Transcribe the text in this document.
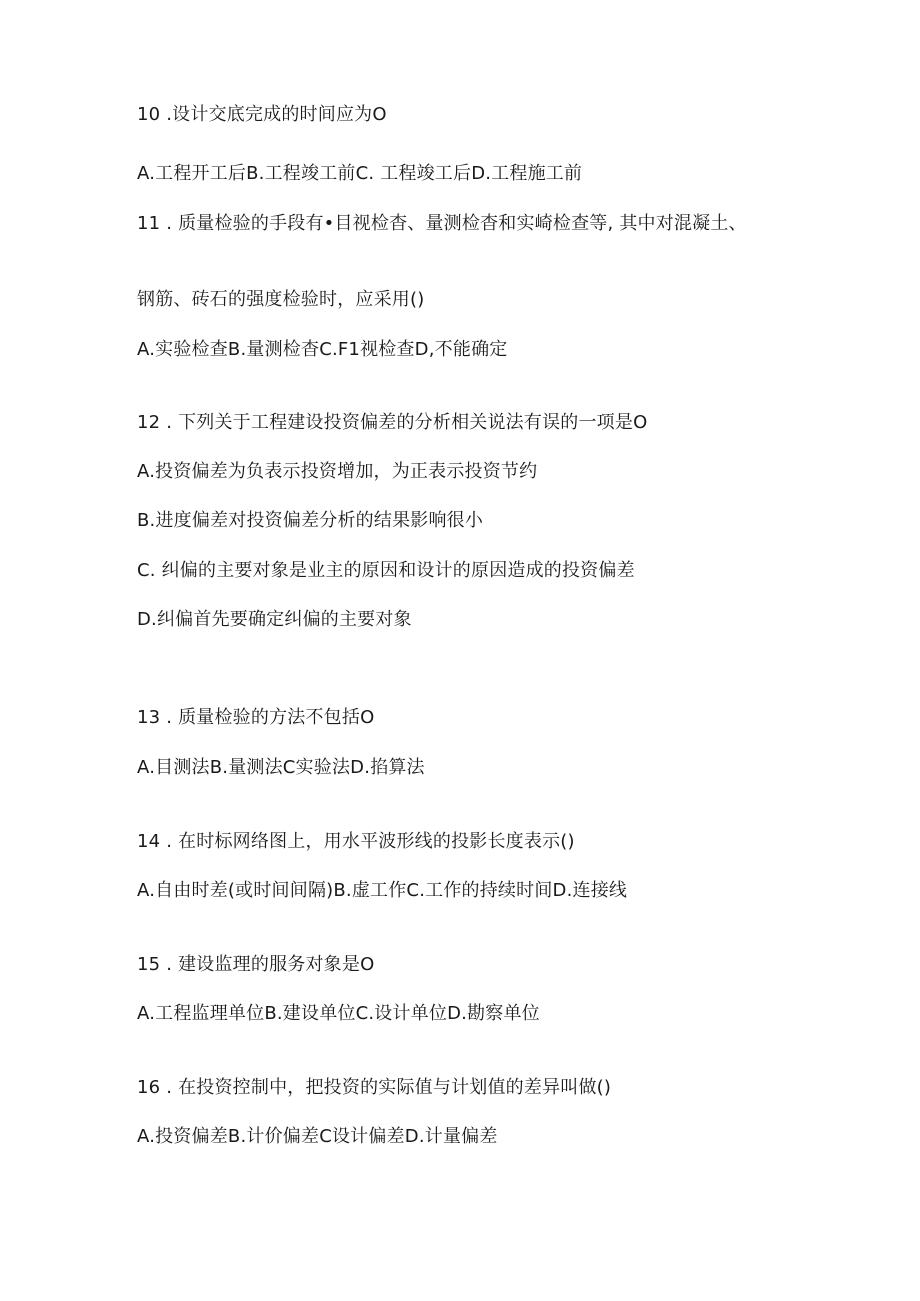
10 .设计交底完成的时间应为O
A.工程开工后B.工程竣工前C. 工程竣工后D.工程施工前
11 . 质量检验的手段有•目视检杳、量测检杳和实崎检查等, 其中对混凝土、
钢筋、砖石的强度检验时，应采用()
A.实验检查B.量测检杳C.F1视检查D,不能确定
12 . 下列关于工程建设投资偏差的分析相关说法有误的一项是O
A.投资偏差为负表示投资增加，为正表示投资节约
B.进度偏差对投资偏差分析的结果影响很小
C. 纠偏的主要对象是业主的原因和设计的原因造成的投资偏差
D.纠偏首先要确定纠偏的主要对象
13 . 质量检验的方法不包括O
A.目测法B.量测法C实验法D.掐算法
14 . 在时标网络图上，用水平波形线的投影长度表示()
A.自由时差(或时间间隔)B.虚工作C.工作的持续时间D.连接线
15 . 建设监理的服务对象是O
A.工程监理单位B.建设单位C.设计单位D.勘察单位
16 . 在投资控制中，把投资的实际值与计划值的差异叫做()
A.投资偏差B.计价偏差C设计偏差D.计量偏差
